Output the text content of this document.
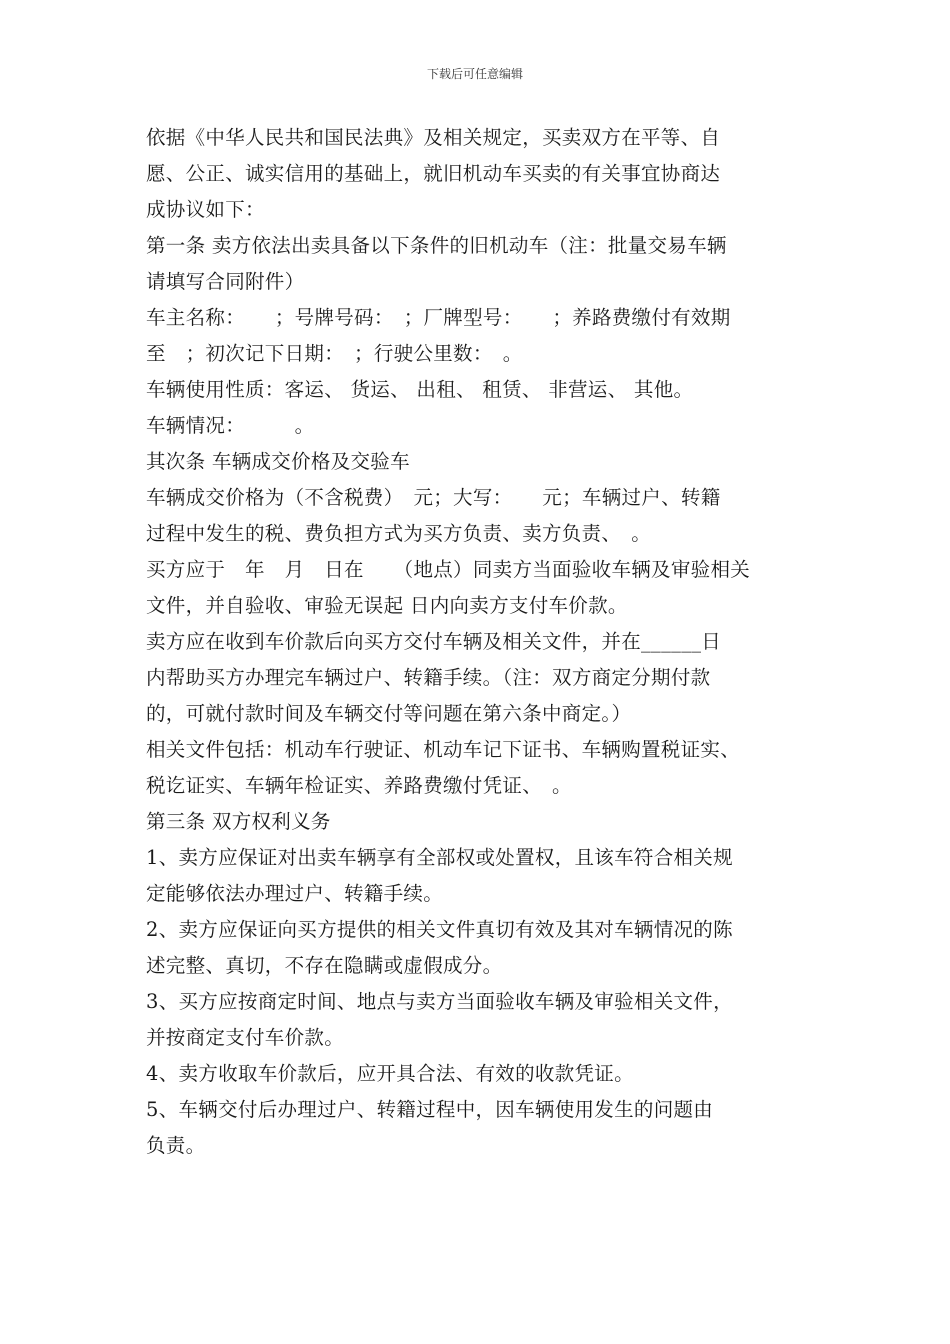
下载后可任意编辑
依据《中华人民共和国民法典》及相关规定，买卖双方在平等、自
愿、公正、诚实信用的基础上，就旧机动车买卖的有关事宜协商达
成协议如下：
第一条 卖方依法出卖具备以下条件的旧机动车（注：批量交易车辆
请填写合同附件）
车主名称：　　；号牌号码：　；厂牌型号：　　；养路费缴付有效期
至　；初次记下日期：　；行驶公里数：　。
车辆使用性质：客运、 货运、 出租、 租赁、 非营运、 其他。
车辆情况：　　　。
其次条 车辆成交价格及交验车
车辆成交价格为（不含税费）　元；大写：　　元；车辆过户、转籍
过程中发生的税、费负担方式为买方负责、卖方负责、　。
买方应于　年　月　日在　　（地点）同卖方当面验收车辆及审验相关
文件，并自验收、审验无误起 日内向卖方支付车价款。
卖方应在收到车价款后向买方交付车辆及相关文件，并在______日
内帮助买方办理完车辆过户、转籍手续。（注：双方商定分期付款
的，可就付款时间及车辆交付等问题在第六条中商定。）
相关文件包括：机动车行驶证、机动车记下证书、车辆购置税证实、
税讫证实、车辆年检证实、养路费缴付凭证、　。
第三条 双方权利义务
1、卖方应保证对出卖车辆享有全部权或处置权，且该车符合相关规
定能够依法办理过户、转籍手续。
2、卖方应保证向买方提供的相关文件真切有效及其对车辆情况的陈
述完整、真切，不存在隐瞒或虚假成分。
3、买方应按商定时间、地点与卖方当面验收车辆及审验相关文件，
并按商定支付车价款。
4、卖方收取车价款后，应开具合法、有效的收款凭证。
5、车辆交付后办理过户、转籍过程中，因车辆使用发生的问题由
负责。
